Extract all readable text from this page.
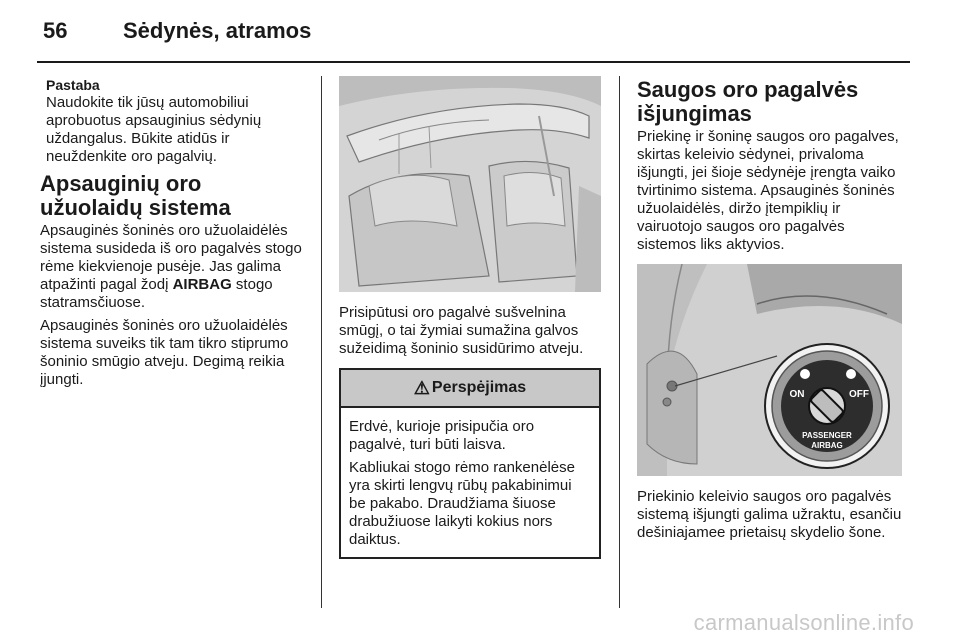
56	Sėdynės, atramos

Pastaba

Naudokite tik jūsų automobiliui aprobuotus apsauginius sėdynių uždangalus. Būkite atidūs ir neuždenkite oro pagalvių.

Apsauginių oro užuolaidų sistema

Apsauginės šoninės oro užuolaidėlės sistema susideda iš oro pagalvės stogo rėme kiekvienoje pusėje. Jas galima atpažinti pagal žodį AIRBAG stogo statramsčiuose.

Apsauginės šoninės oro užuolaidėlės sistema suveiks tik tam tikro stiprumo šoninio smūgio atveju. Degimą reikia įjungti.

Prisipūtusi oro pagalvė sušvelnina smūgį, o tai žymiai sumažina galvos sužeidimą šoninio susidūrimo atveju.

⚠ Perspėjimas

Erdvė, kurioje prisipučia oro pagalvė, turi būti laisva.

Kabliukai stogo rėmo rankenėlėse yra skirti lengvų rūbų pakabinimui be pakabo. Draudžiama šiuose drabužiuose laikyti kokius nors daiktus.

Saugos oro pagalvės išjungimas

Priekinę ir šoninę saugos oro pagalves, skirtas keleivio sėdynei, privaloma išjungti, jei šioje sėdynėje įrengta vaiko tvirtinimo sistema. Apsauginės šoninės užuolaidėlės, diržo įtempiklių ir vairuotojo saugos oro pagalvės sistemos liks aktyvios.

ON	OFF
PASSENGER
AIRBAG

Priekinio keleivio saugos oro pagalvės sistemą išjungti galima užraktu, esančiu dešiniajamee prietaisų skydelio šone.

carmanualsonline.info
